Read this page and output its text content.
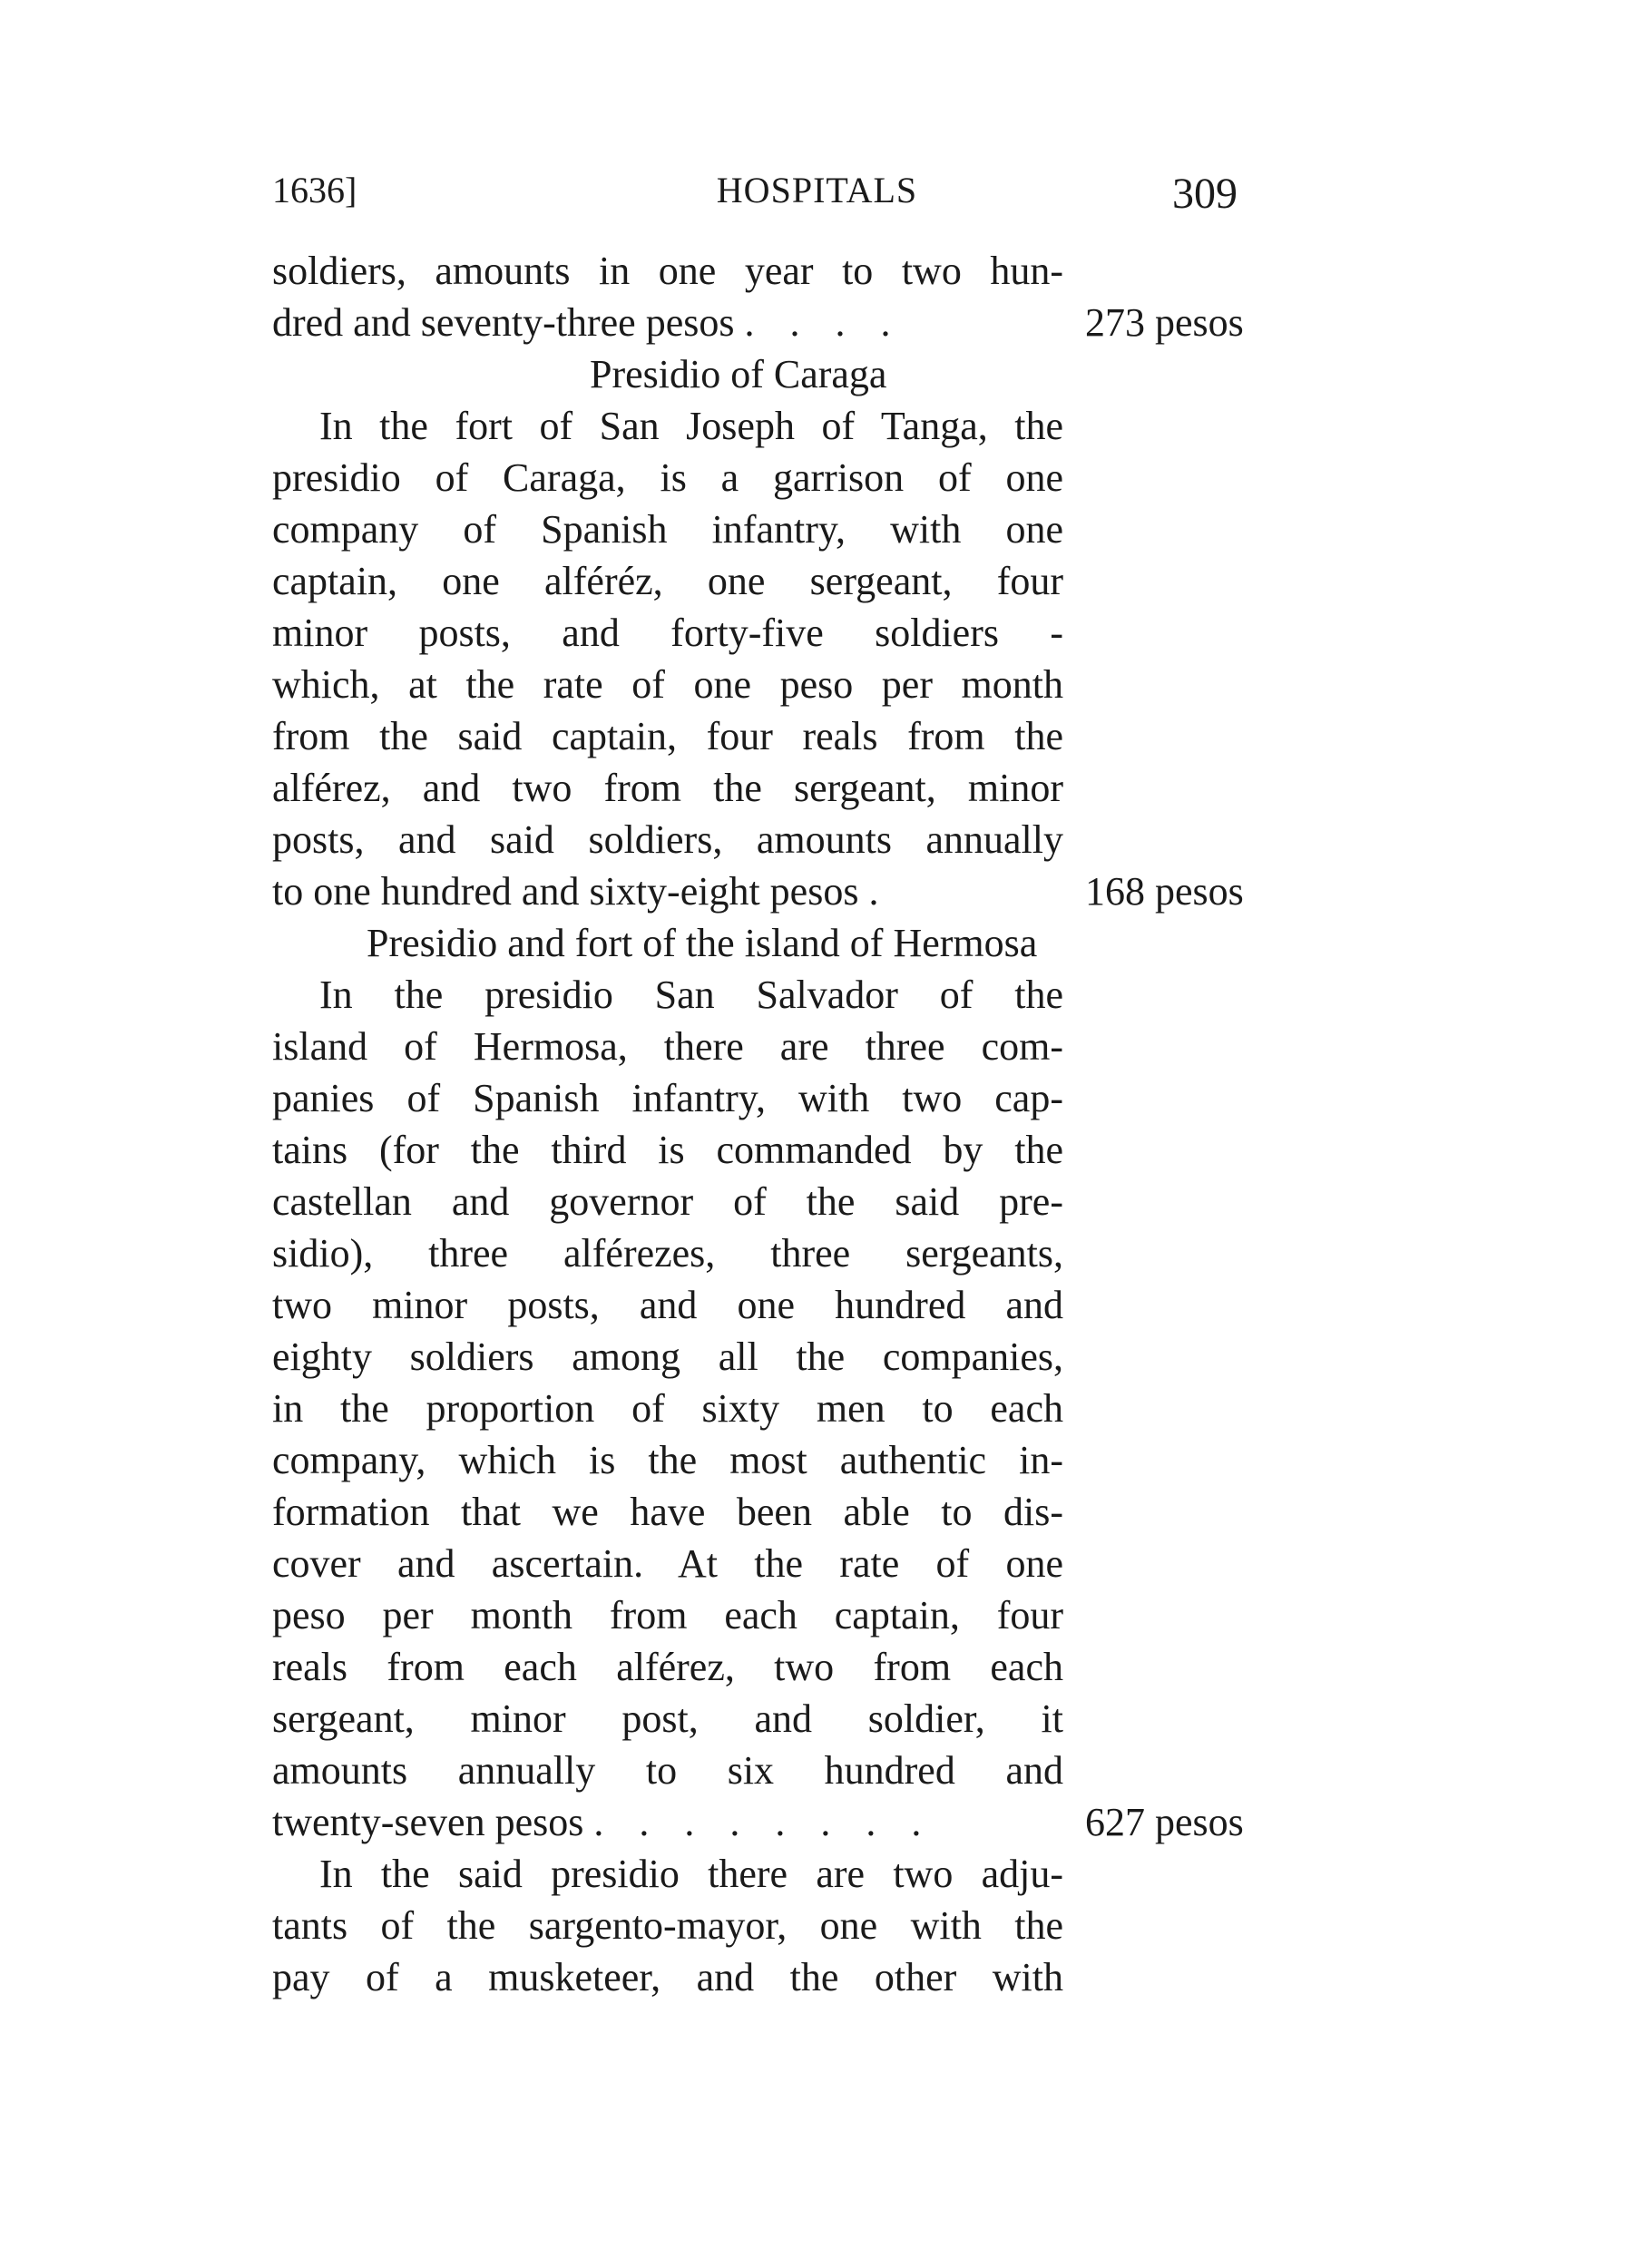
1636]	HOSPITALS	309
soldiers, amounts in one year to two hun-
dred and seventy-three pesos . . . .	273 pesos
Presidio of Caraga
In the fort of San Joseph of Tanga, the
presidio of Caraga, is a garrison of one
company of Spanish infantry, with one
captain, one alféréz, one sergeant, four
minor posts, and forty-five soldiers -
which, at the rate of one peso per month
from the said captain, four reals from the
alférez, and two from the sergeant, minor
posts, and said soldiers, amounts annually
to one hundred and sixty-eight pesos .	168 pesos
Presidio and fort of the island of Hermosa
In the presidio San Salvador of the
island of Hermosa, there are three com-
panies of Spanish infantry, with two cap-
tains (for the third is commanded by the
castellan and governor of the said pre-
sidio), three alférezes, three sergeants,
two minor posts, and one hundred and
eighty soldiers among all the companies,
in the proportion of sixty men to each
company, which is the most authentic in-
formation that we have been able to dis-
cover and ascertain. At the rate of one
peso per month from each captain, four
reals from each alférez, two from each
sergeant, minor post, and soldier, it
amounts annually to six hundred and
twenty-seven pesos . . . . . . . .	627 pesos
In the said presidio there are two adju-
tants of the sargento-mayor, one with the
pay of a musketeer, and the other with
